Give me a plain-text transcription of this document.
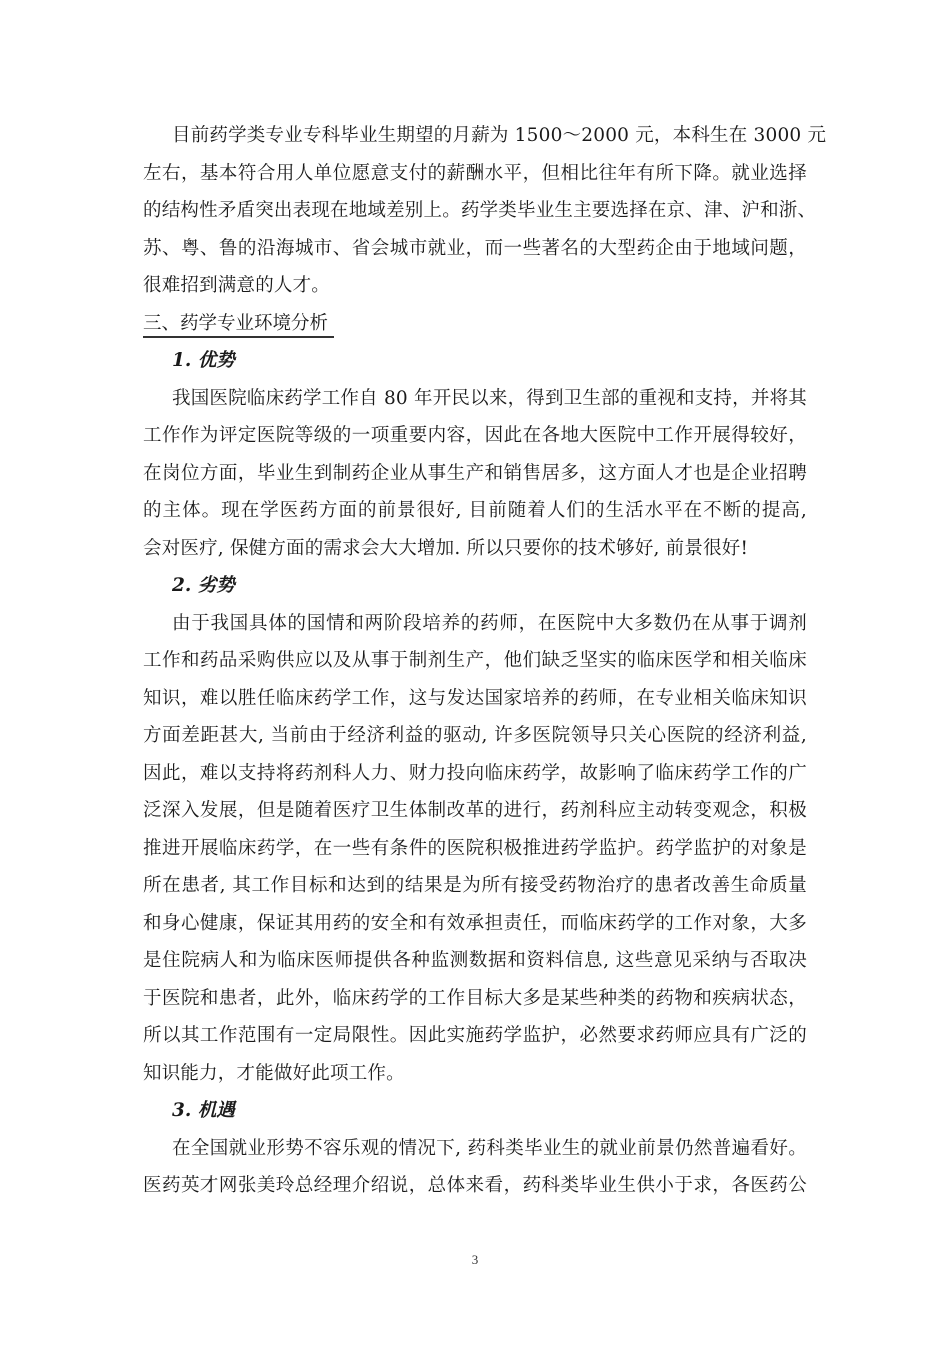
目前药学类专业专科毕业生期望的月薪为 1500～2000 元，本科生在 3000 元
左右，基本符合用人单位愿意支付的薪酬水平，但相比往年有所下降。就业选择
的结构性矛盾突出表现在地域差别上。药学类毕业生主要选择在京、津、沪和浙、
苏、粤、鲁的沿海城市、省会城市就业，而一些著名的大型药企由于地域问题，
很难招到满意的人才。
三、药学专业环境分析
1. 优势
我国医院临床药学工作自 80 年开民以来，得到卫生部的重视和支持，并将其
工作作为评定医院等级的一项重要内容，因此在各地大医院中工作开展得较好，
在岗位方面，毕业生到制药企业从事生产和销售居多，这方面人才也是企业招聘
的主体。现在学医药方面的前景很好, 目前随着人们的生活水平在不断的提高,
会对医疗, 保健方面的需求会大大增加. 所以只要你的技术够好, 前景很好!
2. 劣势
由于我国具体的国情和两阶段培养的药师，在医院中大多数仍在从事于调剂
工作和药品采购供应以及从事于制剂生产，他们缺乏坚实的临床医学和相关临床
知识，难以胜任临床药学工作，这与发达国家培养的药师，在专业相关临床知识
方面差距甚大, 当前由于经济利益的驱动, 许多医院领导只关心医院的经济利益,
因此，难以支持将药剂科人力、财力投向临床药学，故影响了临床药学工作的广
泛深入发展，但是随着医疗卫生体制改革的进行，药剂科应主动转变观念，积极
推进开展临床药学，在一些有条件的医院积极推进药学监护。药学监护的对象是
所在患者, 其工作目标和达到的结果是为所有接受药物治疗的患者改善生命质量
和身心健康，保证其用药的安全和有效承担责任，而临床药学的工作对象，大多
是住院病人和为临床医师提供各种监测数据和资料信息, 这些意见采纳与否取决
于医院和患者，此外，临床药学的工作目标大多是某些种类的药物和疾病状态，
所以其工作范围有一定局限性。因此实施药学监护，必然要求药师应具有广泛的
知识能力，才能做好此项工作。
3. 机遇
在全国就业形势不容乐观的情况下, 药科类毕业生的就业前景仍然普遍看好。
医药英才网张美玲总经理介绍说，总体来看，药科类毕业生供小于求，各医药公
3
